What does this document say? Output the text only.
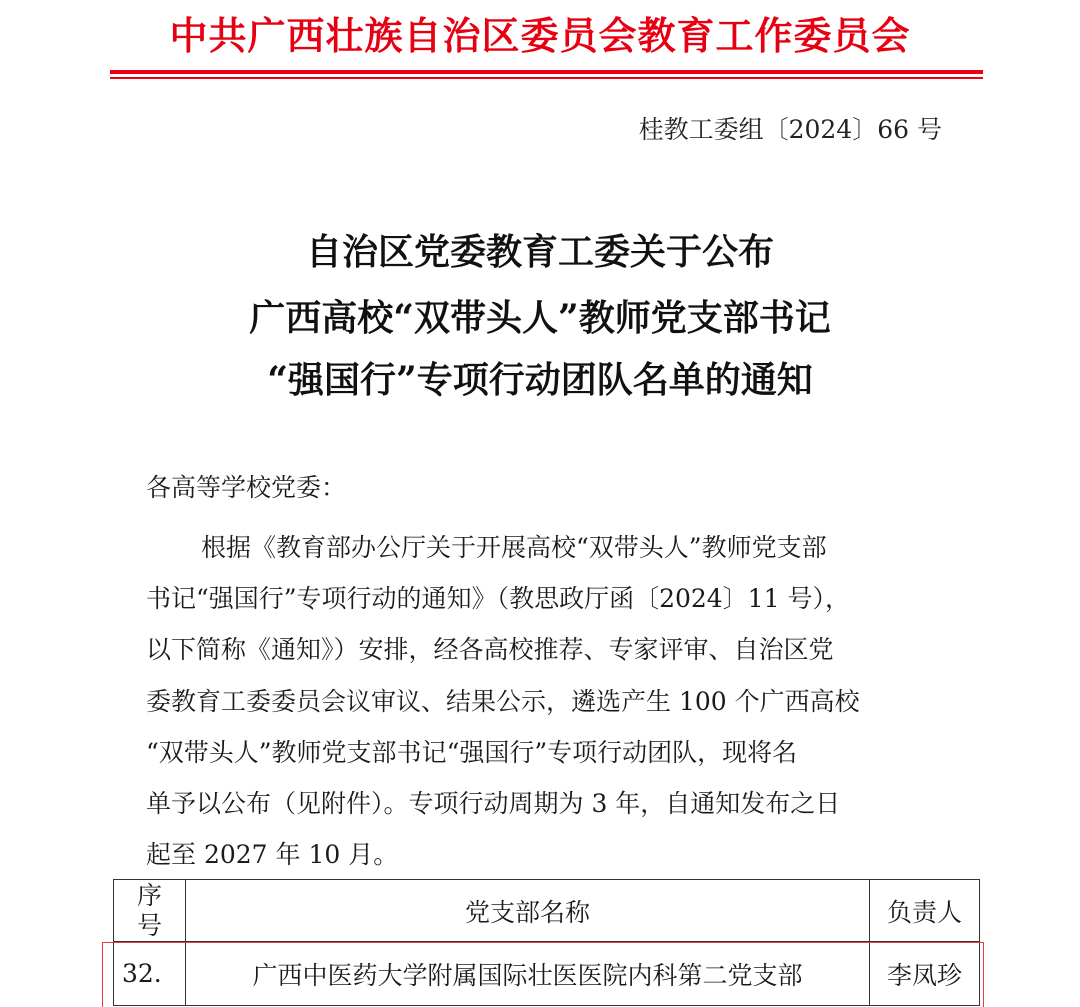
中共广西壮族自治区委员会教育工作委员会
桂教工委组〔2024〕66 号
自治区党委教育工委关于公布
广西高校“双带头人”教师党支部书记
“强国行”专项行动团队名单的通知
各高等学校党委：
根据《教育部办公厅关于开展高校“双带头人”教师党支部
书记“强国行”专项行动的通知》（教思政厅函〔2024〕11 号），
以下简称《通知》）安排，经各高校推荐、专家评审、自治区党
委教育工委委员会议审议、结果公示，遴选产生 100 个广西高校
“双带头人”教师党支部书记“强国行”专项行动团队，现将名
单予以公布（见附件）。专项行动周期为 3 年，自通知发布之日
起至 2027 年 10 月。
序
号	党支部名称	负责人
32.	广西中医药大学附属国际壮医医院内科第二党支部	李凤珍
